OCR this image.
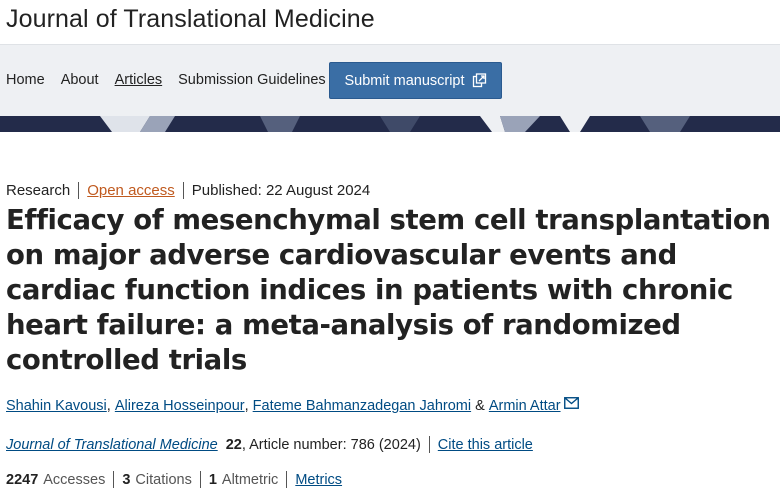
Journal of Translational Medicine
Home About Articles Submission Guidelines Submit manuscript
Research Open access Published: 22 August 2024
Efficacy of mesenchymal stem cell transplantation on major adverse cardiovascular events and cardiac function indices in patients with chronic heart failure: a meta-analysis of randomized controlled trials
Shahin Kavousi ,
Alireza Hosseinpour ,
Fateme Bahmanzadegan Jahromi
&
Armin Attar
Journal of Translational Medicine 22 , Article number: 786 (2024) Cite this article
2247 Accesses 3 Citations 1 Altmetric Metrics
